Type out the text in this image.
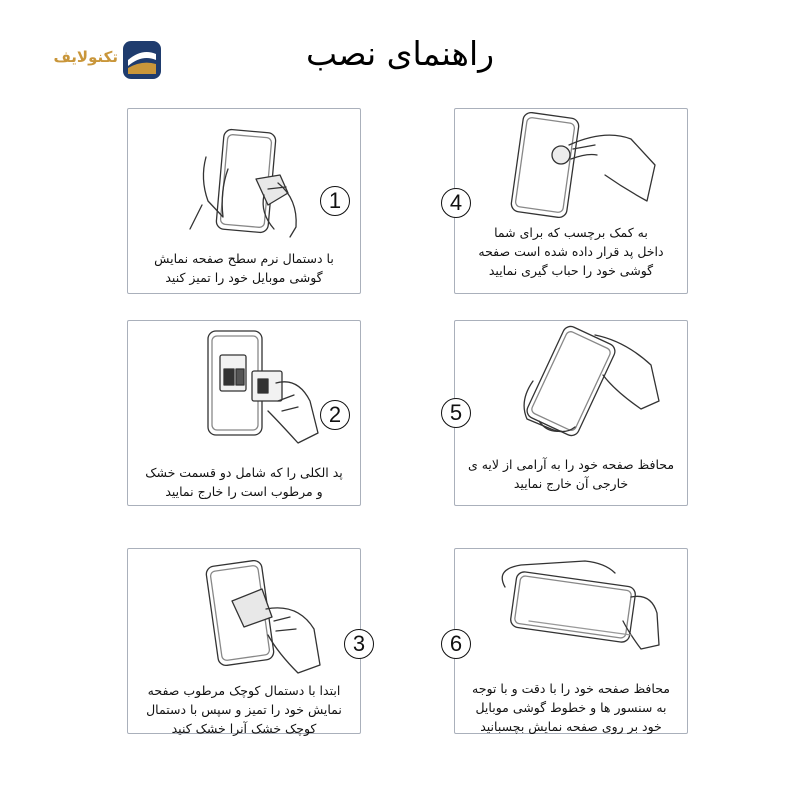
تکنولایف	راهنمای نصب
1
با دستمال نرم سطح صفحه نمایش
گوشی موبایل خود را تمیز کنید
2
پد الکلی را که شامل دو قسمت خشک
و مرطوب است را خارج نمایید
3
ابتدا با دستمال کوچک مرطوب صفحه
نمایش خود را تمیز و سپس با دستمال
کوچک خشک آنرا خشک کنید
4
به کمک برچسب که برای شما
داخل پد قرار داده شده است صفحه
گوشی خود را حباب گیری نمایید
5
محافظ صفحه خود را به آرامی از لایه ی
خارجی آن خارج نمایید
6
محافظ صفحه خود را با دقت و با توجه
به سنسور ها و خطوط گوشی موبایل
خود بر روی صفحه نمایش بچسبانید
